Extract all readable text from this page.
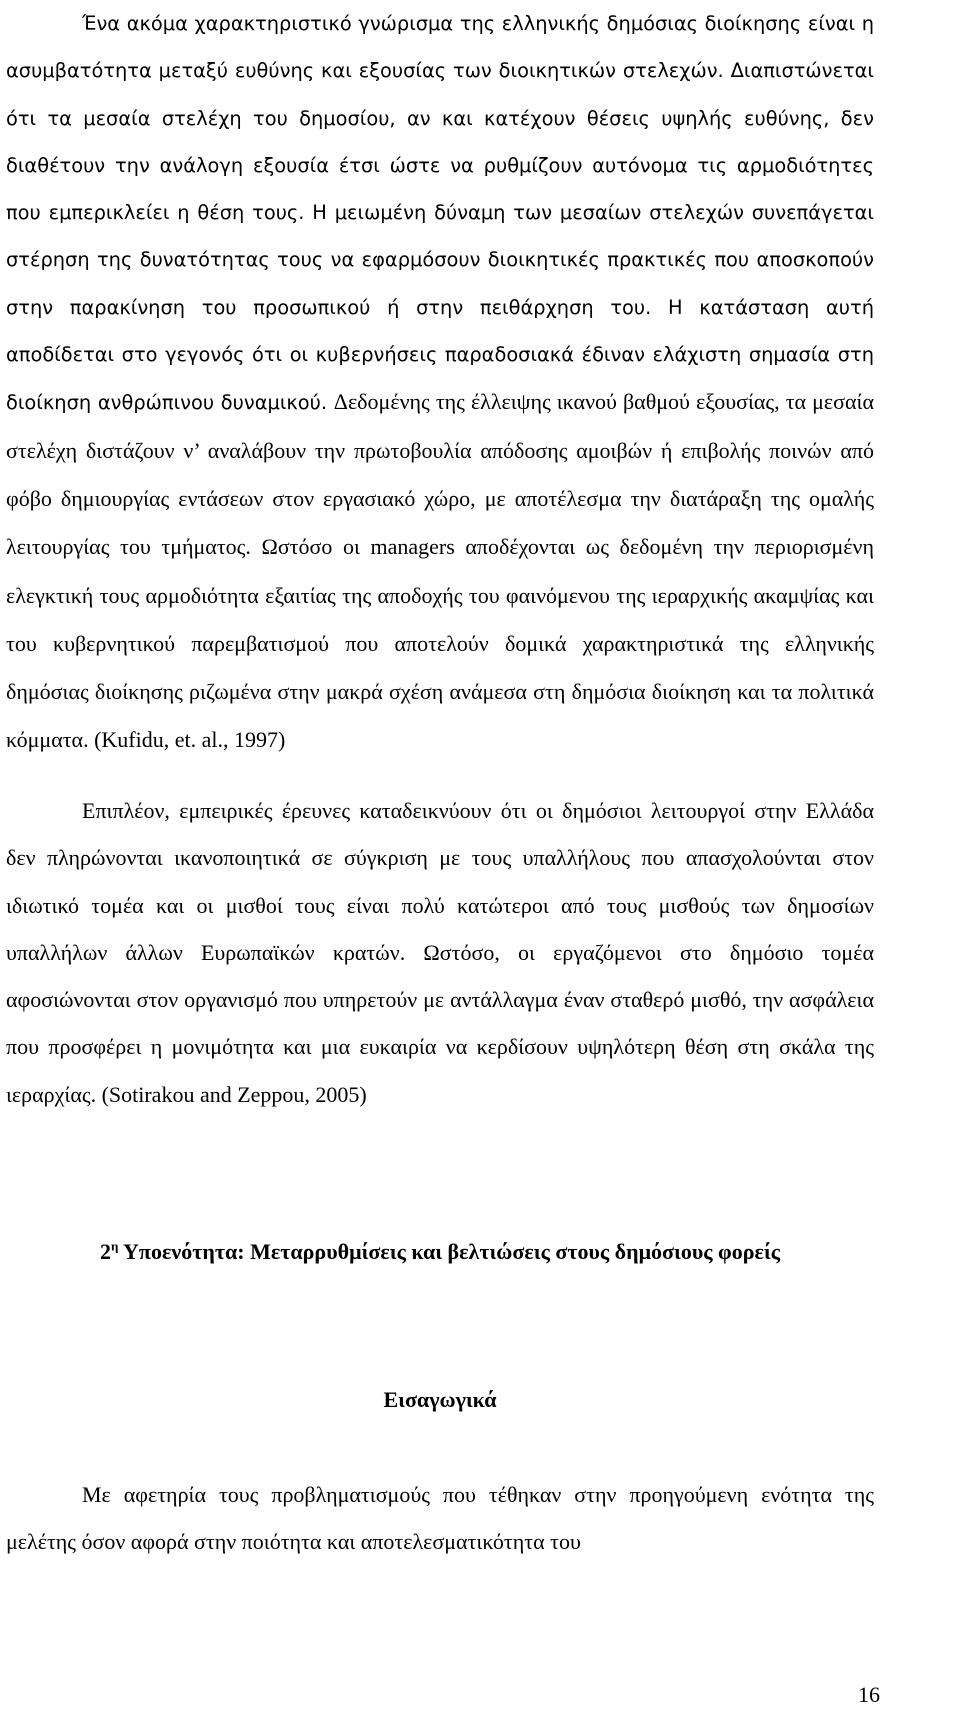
Ένα ακόμα χαρακτηριστικό γνώρισμα της ελληνικής δημόσιας διοίκησης είναι η ασυμβατότητα μεταξύ ευθύνης και εξουσίας των διοικητικών στελεχών. Διαπιστώνεται ότι τα μεσαία στελέχη του δημοσίου, αν και κατέχουν θέσεις υψηλής ευθύνης, δεν διαθέτουν την ανάλογη εξουσία έτσι ώστε να ρυθμίζουν αυτόνομα τις αρμοδιότητες που εμπερικλείει η θέση τους. Η μειωμένη δύναμη των μεσαίων στελεχών συνεπάγεται στέρηση της δυνατότητας τους να εφαρμόσουν διοικητικές πρακτικές που αποσκοπούν στην παρακίνηση του προσωπικού ή στην πειθάρχηση του. Η κατάσταση αυτή αποδίδεται στο γεγονός ότι οι κυβερνήσεις παραδοσιακά έδιναν ελάχιστη σημασία στη διοίκηση ανθρώπινου δυναμικού. Δεδομένης της έλλειψης ικανού βαθμού εξουσίας, τα μεσαία στελέχη διστάζουν ν’ αναλάβουν την πρωτοβουλία απόδοσης αμοιβών ή επιβολής ποινών από φόβο δημιουργίας εντάσεων στον εργασιακό χώρο, με αποτέλεσμα την διατάραξη της ομαλής λειτουργίας του τμήματος. Ωστόσο οι managers αποδέχονται ως δεδομένη την περιορισμένη ελεγκτική τους αρμοδιότητα εξαιτίας της αποδοχής του φαινόμενου της ιεραρχικής ακαμψίας και του κυβερνητικού παρεμβατισμού που αποτελούν δομικά χαρακτηριστικά της ελληνικής δημόσιας διοίκησης ριζωμένα στην μακρά σχέση ανάμεσα στη δημόσια διοίκηση και τα πολιτικά κόμματα. (Kufidu, et. al., 1997)

Επιπλέον, εμπειρικές έρευνες καταδεικνύουν ότι οι δημόσιοι λειτουργοί στην Ελλάδα δεν πληρώνονται ικανοποιητικά σε σύγκριση με τους υπαλλήλους που απασχολούνται στον ιδιωτικό τομέα και οι μισθοί τους είναι πολύ κατώτεροι από τους μισθούς των δημοσίων υπαλλήλων άλλων Ευρωπαϊκών κρατών. Ωστόσο, οι εργαζόμενοι στο δημόσιο τομέα αφοσιώνονται στον οργανισμό που υπηρετούν με αντάλλαγμα έναν σταθερό μισθό, την ασφάλεια που προσφέρει η μονιμότητα και μια ευκαιρία να κερδίσουν υψηλότερη θέση στη σκάλα της ιεραρχίας. (Sotirakou and Zeppou, 2005)

$2^\eta$ Υποενότητα: Μεταρρυθμίσεις και βελτιώσεις στους δημόσιους φορείς
Εισαγωγικά

Με αφετηρία τους προβληματισμούς που τέθηκαν στην προηγούμενη ενότητα της μελέτης όσον αφορά στην ποιότητα και αποτελεσματικότητα του

16
